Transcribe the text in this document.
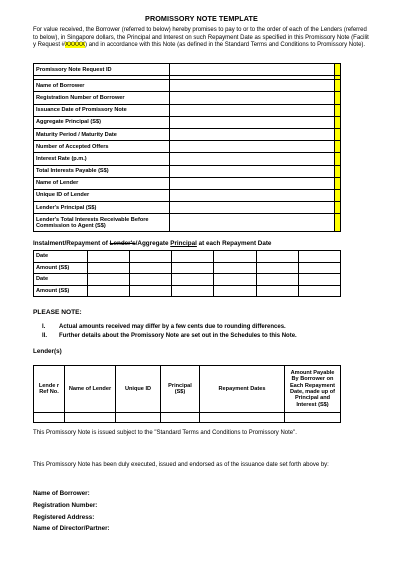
PROMISSORY NOTE TEMPLATE
For value received, the Borrower (referred to below) hereby promises to pay to or to the order of each of the Lenders (referred to below), in Singapore dollars, the Principal and Interest on such Repayment Date as specified in this Promissory Note (Facilit y Request #XXXXX) and in accordance with this Note (as defined in the Standard Terms and Conditions to Promissory Note).
Promissory Note Request ID		

Name of Borrower		
Registration Number of Borrower		
Issuance Date of Promissory Note		
Aggregate Principal (S$)		
Maturity Period / Maturity Date		
Number of Accepted Offers		
Interest Rate (p.m.)		
Total Interests Payable (S$)		
Name of Lender		
Unique ID of Lender		
Lender's Principal (S$)		
Lender's Total Interests Receivable Before Commission to Agent (S$)		
Instalment/Repayment of Lender's/Aggregate Principal at each Repayment Date
Date						
Amount (S$)						
Date						
Amount (S$)						
PLEASE NOTE:
I. Actual amounts received may differ by a few cents due to rounding differences.
II. Further details about the Promissory Note are set out in the Schedules to this Note.
Lender(s)
Lende r Ref No.	Name of Lender	Unique ID	Principal (S$)	Repayment Dates	Amount Payable By Borrower on Each Repayment Date, made up of Principal and Interest (S$)

This Promissory Note is issued subject to the "Standard Terms and Conditions to Promissory Note".
This Promissory Note has been duly executed, issued and endorsed as of the issuance date set forth above by:
Name of Borrower:
Registration Number:
Registered Address:
Name of Director/Partner:
